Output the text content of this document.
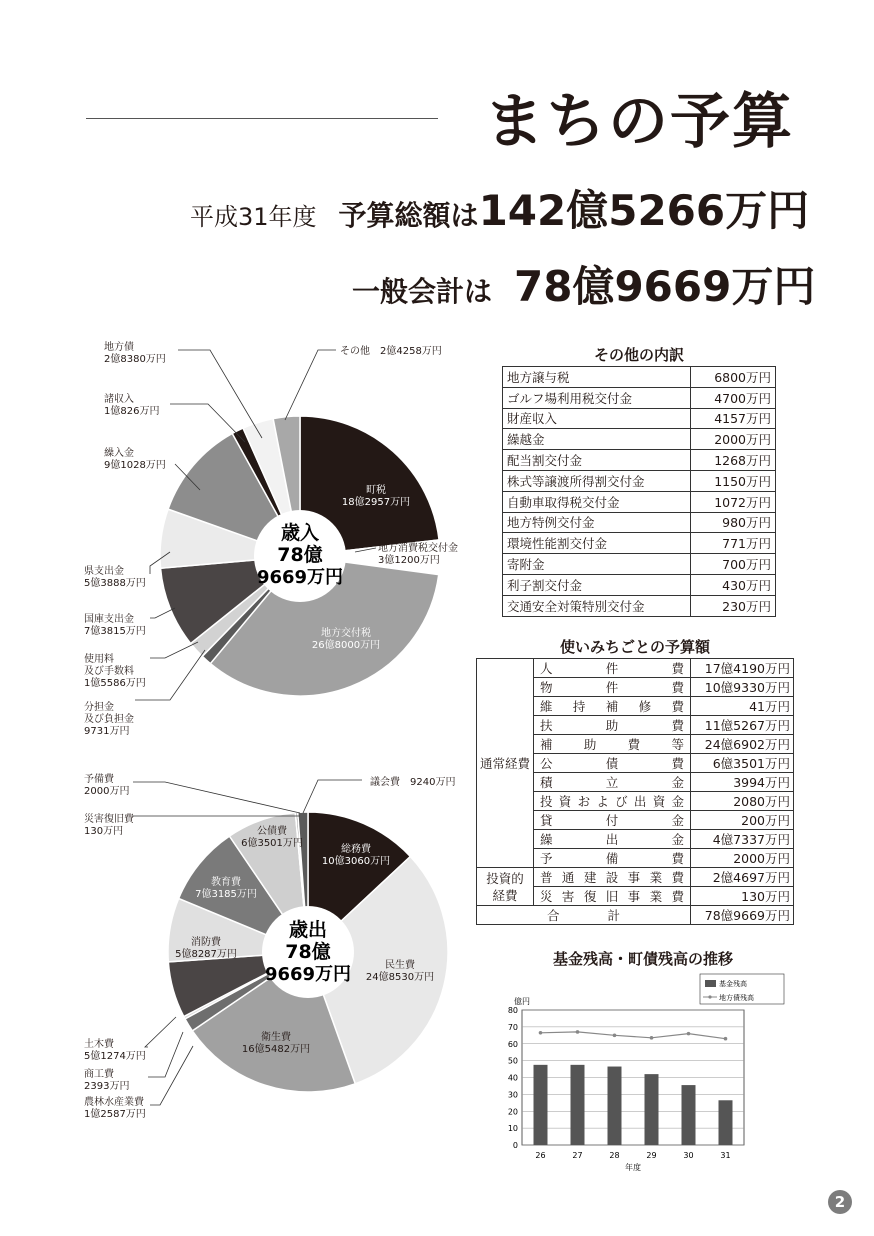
まちの予算
平成31年度 予算総額は142億5266万円
一般会計は 78億9669万円
町税 18億2957万円
地方消費税交付金 3億1200万円
地方交付税 26億8000万円
分担金及び負担金 9731万円
使用料及び手数料 1億5586万円
国庫支出金 7億3815万円
県支出金 5億3888万円
繰入金 9億1028万円
諸収入 1億826万円
地方債 2億8380万円
その他　2億4258万円
歳入
78億
9669万円
総務費 10億3060万円
民生費 24億8530万円
衛生費 16億5482万円
農林水産業費 1億2587万円
商工費 2393万円
土木費 5億1274万円
消防費 5億8287万円
教育費 7億3185万円
公債費 6億3501万円
災害復旧費 130万円
予備費 2000万円
議会費　9240万円
歳出
78億
9669万円
その他の内訳
地方譲与税	6800万円
ゴルフ場利用税交付金	4700万円
財産収入	4157万円
繰越金	2000万円
配当割交付金	1268万円
株式等譲渡所得割交付金	1150万円
自動車取得税交付金	1072万円
地方特例交付金	980万円
環境性能割交付金	771万円
寄附金	700万円
利子割交付金	430万円
交通安全対策特別交付金	230万円
使いみちごとの予算額
通常経費	人件費	17億4190万円
	物件費	10億9330万円
	維持補修費	41万円
	扶助費	11億5267万円
	補助費等	24億6902万円
	公債費	6億3501万円
	積立金	3994万円
	投資および出資金	2080万円
	貸付金	200万円
	繰出金	4億7337万円
	予備費	2000万円
投資的
経費	普通建設事業費	2億4697万円
	災害復旧事業費	130万円
合計		78億9669万円
基金残高・町債残高の推移
0
10
20
30
40
50
60
70
80
億円
26	27	28	29	30	31
年度
基金残高
地方債残高
2
